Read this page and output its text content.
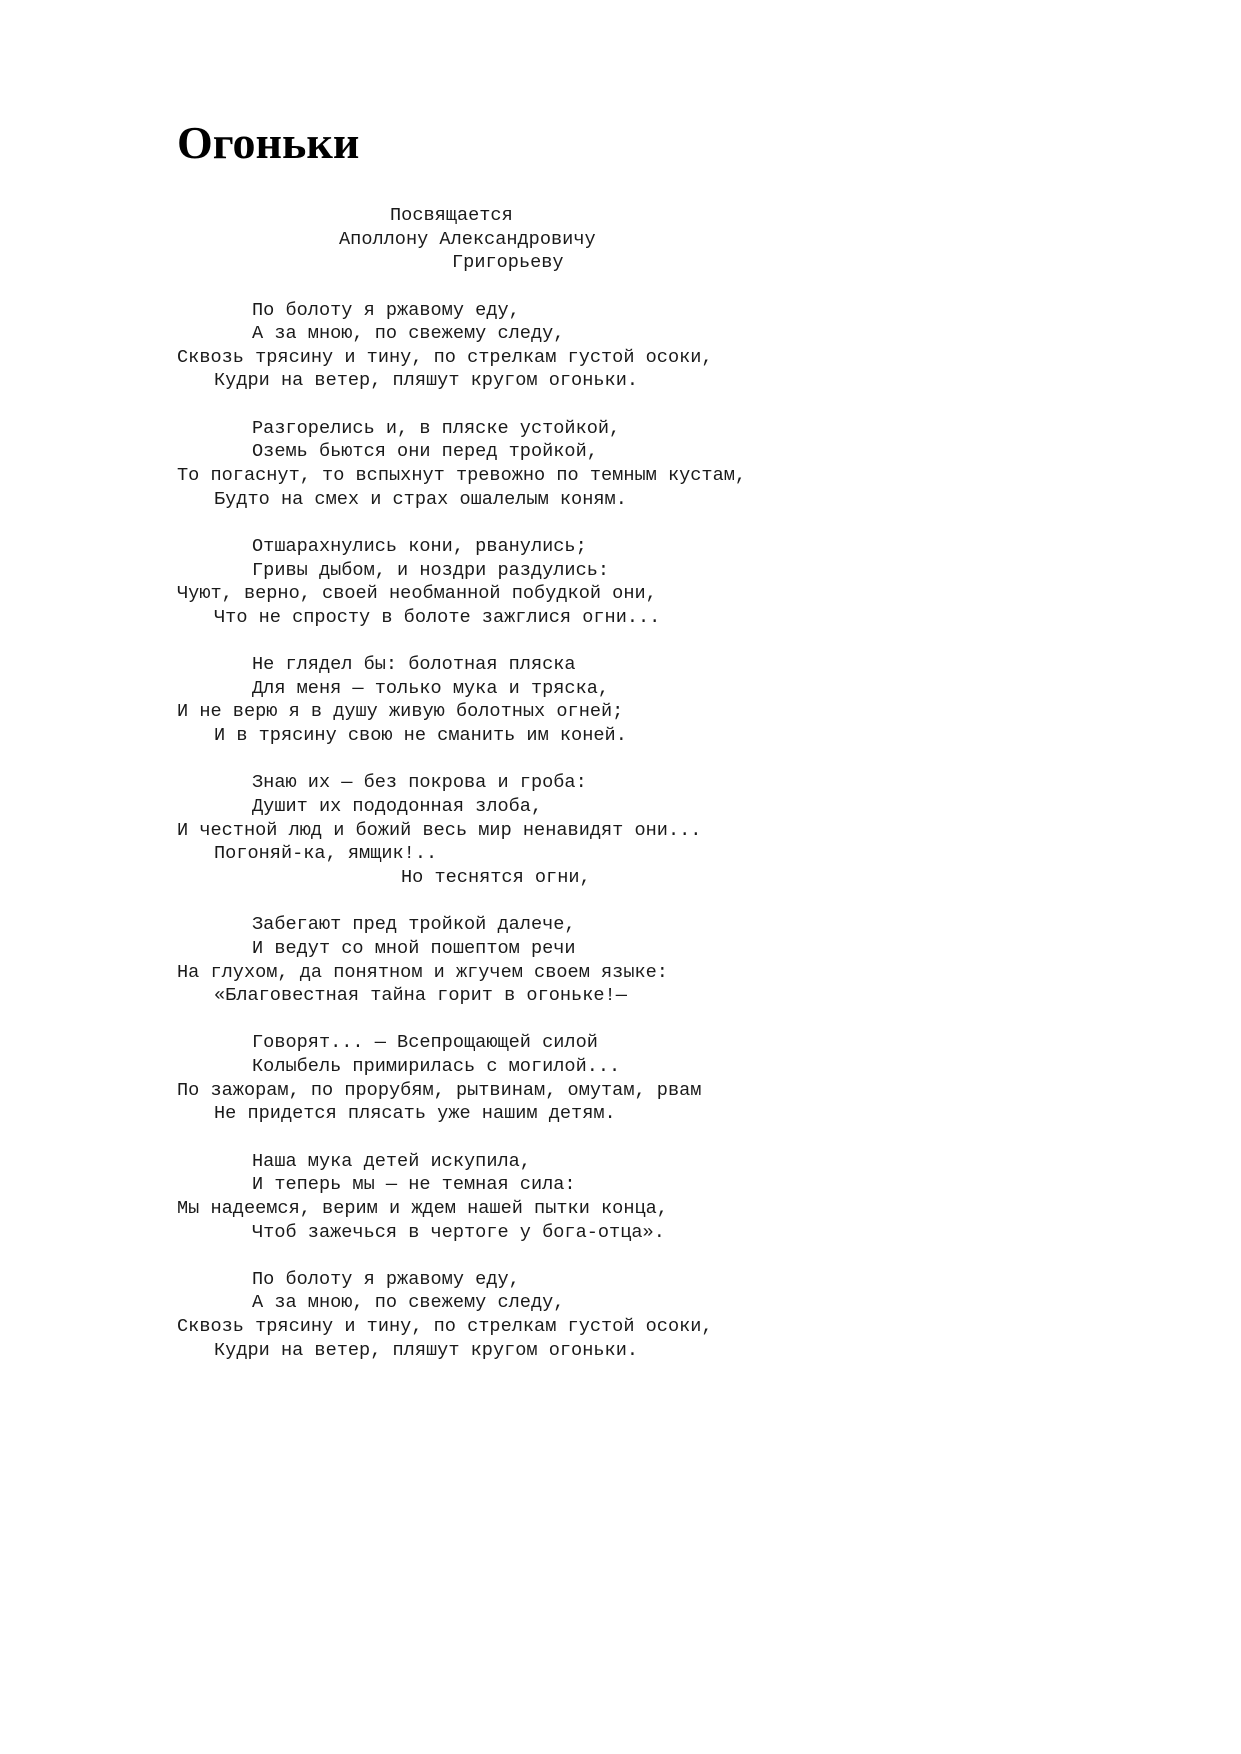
Огоньки
Посвящается
Аполлону Александровичу
Григорьеву
По болоту я ржавому еду,
А за мною, по свежему следу,
Сквозь трясину и тину, по стрелкам густой осоки,
Кудри на ветер, пляшут кругом огоньки.
Разгорелись и, в пляске устойкой,
Оземь бьются они перед тройкой,
То погаснут, то вспыхнут тревожно по темным кустам,
Будто на смех и страх ошалелым коням.
Отшарахнулись кони, рванулись;
Гривы дыбом, и ноздри раздулись:
Чуют, верно, своей необманной побудкой они,
Что не спросту в болоте зажглися огни...
Не глядел бы: болотная пляска
Для меня — только мука и тряска,
И не верю я в душу живую болотных огней;
И в трясину свою не сманить им коней.
Знаю их — без покрова и гроба:
Душит их пододонная злоба,
И честной люд и божий весь мир ненавидят они...
Погоняй-ка, ямщик!..
Но теснятся огни,
Забегают пред тройкой далече,
И ведут со мной пошептом речи
На глухом, да понятном и жгучем своем языке:
«Благовестная тайна горит в огоньке!—
Говорят... — Всепрощающей силой
Колыбель примирилась с могилой...
По зажорам, по прорубям, рытвинам, омутам, рвам
Не придется плясать уже нашим детям.
Наша мука детей искупила,
И теперь мы — не темная сила:
Мы надеемся, верим и ждем нашей пытки конца,
Чтоб зажечься в чертоге у бога-отца».
По болоту я ржавому еду,
А за мною, по свежему следу,
Сквозь трясину и тину, по стрелкам густой осоки,
Кудри на ветер, пляшут кругом огоньки.
